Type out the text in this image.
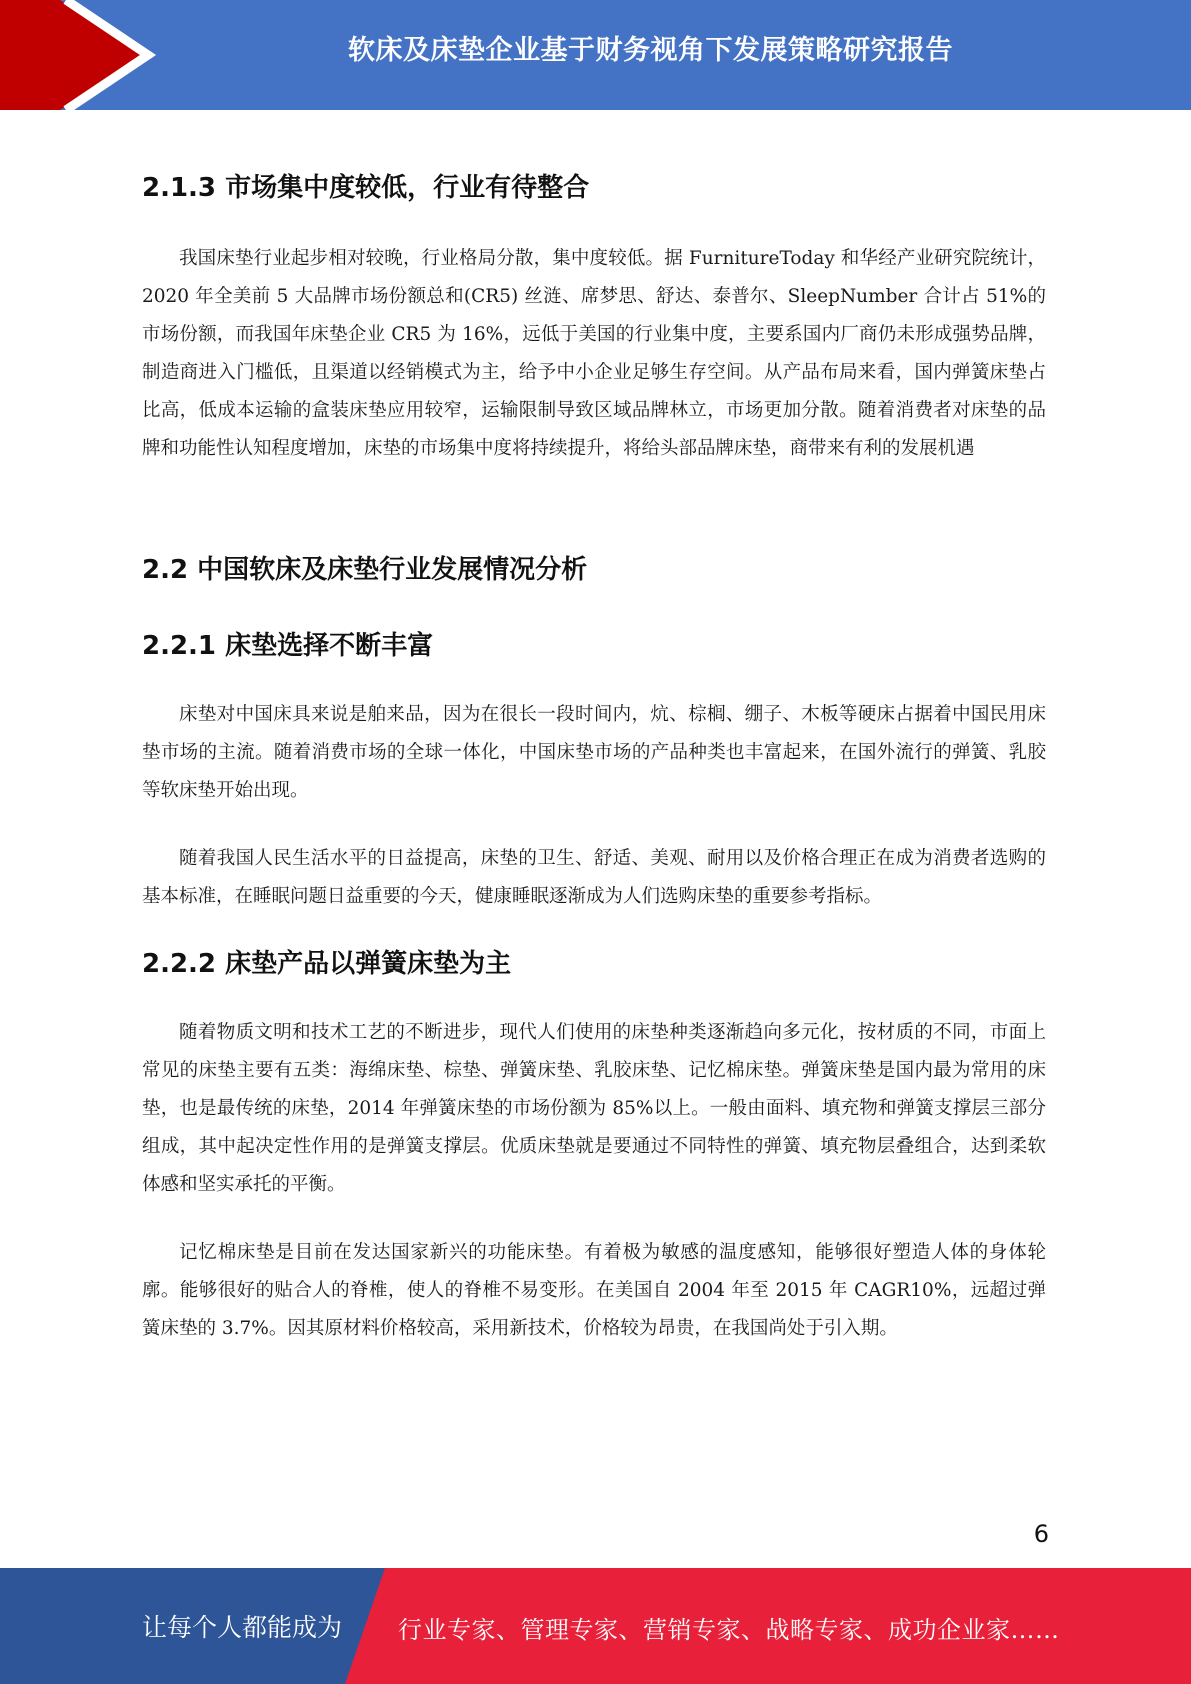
软床及床垫企业基于财务视角下发展策略研究报告
2.1.3 市场集中度较低，行业有待整合

我国床垫行业起步相对较晚，行业格局分散，集中度较低。据 FurnitureToday 和华经产业研究院统计，2020 年全美前 5 大品牌市场份额总和(CR5) 丝涟、席梦思、舒达、泰普尔、SleepNumber 合计占 51%的市场份额，而我国年床垫企业 CR5 为 16%，远低于美国的行业集中度，主要系国内厂商仍未形成强势品牌，制造商进入门槛低，且渠道以经销模式为主，给予中小企业足够生存空间。从产品布局来看，国内弹簧床垫占比高，低成本运输的盒装床垫应用较窄，运输限制导致区域品牌林立，市场更加分散。随着消费者对床垫的品牌和功能性认知程度增加，床垫的市场集中度将持续提升，将给头部品牌床垫，商带来有利的发展机遇

2.2 中国软床及床垫行业发展情况分析
2.2.1 床垫选择不断丰富

床垫对中国床具来说是舶来品，因为在很长一段时间内，炕、棕榈、绷子、木板等硬床占据着中国民用床垫市场的主流。随着消费市场的全球一体化，中国床垫市场的产品种类也丰富起来，在国外流行的弹簧、乳胶等软床垫开始出现。

随着我国人民生活水平的日益提高，床垫的卫生、舒适、美观、耐用以及价格合理正在成为消费者选购的基本标准，在睡眠问题日益重要的今天，健康睡眠逐渐成为人们选购床垫的重要参考指标。

2.2.2 床垫产品以弹簧床垫为主

随着物质文明和技术工艺的不断进步，现代人们使用的床垫种类逐渐趋向多元化，按材质的不同，市面上常见的床垫主要有五类：海绵床垫、棕垫、弹簧床垫、乳胶床垫、记忆棉床垫。弹簧床垫是国内最为常用的床垫，也是最传统的床垫，2014 年弹簧床垫的市场份额为 85%以上。一般由面料、填充物和弹簧支撑层三部分组成，其中起决定性作用的是弹簧支撑层。优质床垫就是要通过不同特性的弹簧、填充物层叠组合，达到柔软体感和坚实承托的平衡。

记忆棉床垫是目前在发达国家新兴的功能床垫。有着极为敏感的温度感知，能够很好塑造人体的身体轮廓。能够很好的贴合人的脊椎，使人的脊椎不易变形。在美国自 2004 年至 2015 年 CAGR10%，远超过弹簧床垫的 3.7%。因其原材料价格较高，采用新技术，价格较为昂贵，在我国尚处于引入期。

6
让每个人都能成为 行业专家、管理专家、营销专家、战略专家、成功企业家……
